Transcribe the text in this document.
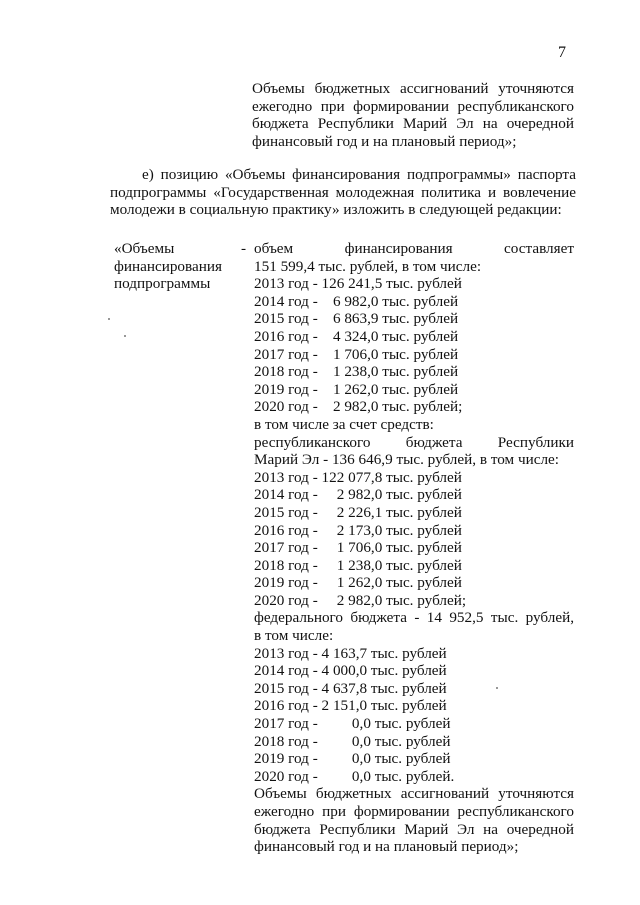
7
Объемы бюджетных ассигнований уточняются
ежегодно при формировании республиканского
бюджета Республики Марий Эл на очередной
финансовый год и на плановый период»;
е) позицию «Объемы финансирования подпрограммы» паспорта
подпрограммы «Государственная молодежная политика и вовлечение
молодежи в социальную практику» изложить в следующей редакции:
«Объемы	-
финансирования
подпрограммы
объем финансирования составляет
151 599,4 тыс. рублей, в том числе:
2013 год - 126 241,5 тыс. рублей
2014 год -    6 982,0 тыс. рублей
2015 год -    6 863,9 тыс. рублей
2016 год -    4 324,0 тыс. рублей
2017 год -    1 706,0 тыс. рублей
2018 год -    1 238,0 тыс. рублей
2019 год -    1 262,0 тыс. рублей
2020 год -    2 982,0 тыс. рублей;
в том числе за счет средств:
республиканского бюджета Республики
Марий Эл - 136 646,9 тыс. рублей, в том числе:
2013 год - 122 077,8 тыс. рублей
2014 год -     2 982,0 тыс. рублей
2015 год -     2 226,1 тыс. рублей
2016 год -     2 173,0 тыс. рублей
2017 год -     1 706,0 тыс. рублей
2018 год -     1 238,0 тыс. рублей
2019 год -     1 262,0 тыс. рублей
2020 год -     2 982,0 тыс. рублей;
федерального бюджета - 14 952,5 тыс. рублей,
в том числе:
2013 год - 4 163,7 тыс. рублей
2014 год - 4 000,0 тыс. рублей
2015 год - 4 637,8 тыс. рублей
2016 год - 2 151,0 тыс. рублей
2017 год -         0,0 тыс. рублей
2018 год -         0,0 тыс. рублей
2019 год -         0,0 тыс. рублей
2020 год -         0,0 тыс. рублей.
Объемы бюджетных ассигнований уточняются
ежегодно при формировании республиканского
бюджета Республики Марий Эл на очередной
финансовый год и на плановый период»;
